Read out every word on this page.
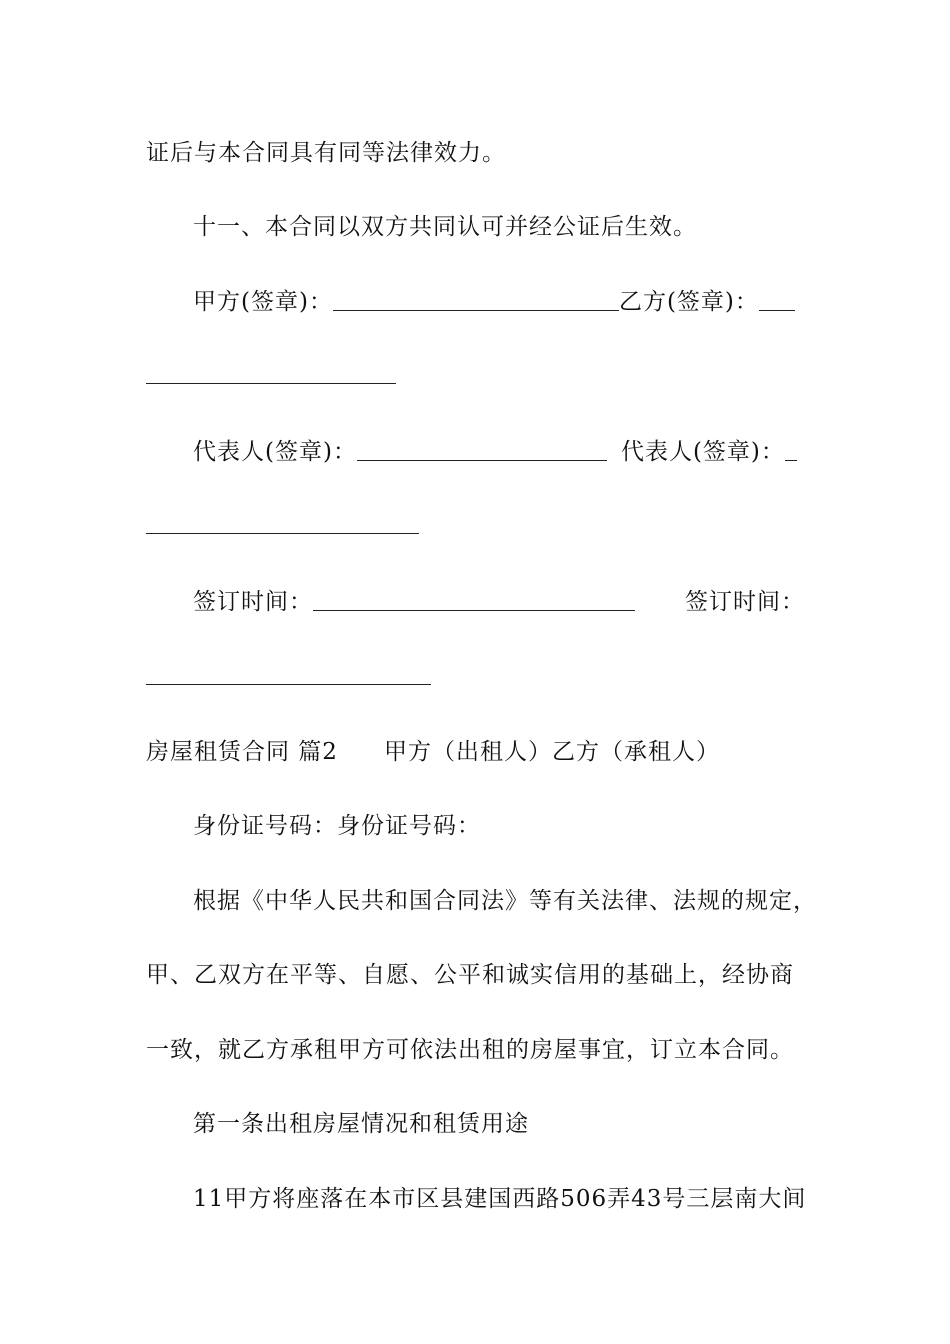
证后与本合同具有同等法律效力。
十一、本合同以双方共同认可并经公证后生效。
甲方(签章)：	乙方(签章)：
代表人(签章)：	代表人(签章)：
签订时间：	签订时间：
房屋租赁合同 篇2 甲方（出租人）乙方（承租人）
身份证号码：身份证号码：
根据《中华人民共和国合同法》等有关法律、法规的规定，
甲、乙双方在平等、自愿、公平和诚实信用的基础上，经协商
一致，就乙方承租甲方可依法出租的房屋事宜，订立本合同。
第一条出租房屋情况和租赁用途
11甲方将座落在本市区县建国西路506弄43号三层南大间
